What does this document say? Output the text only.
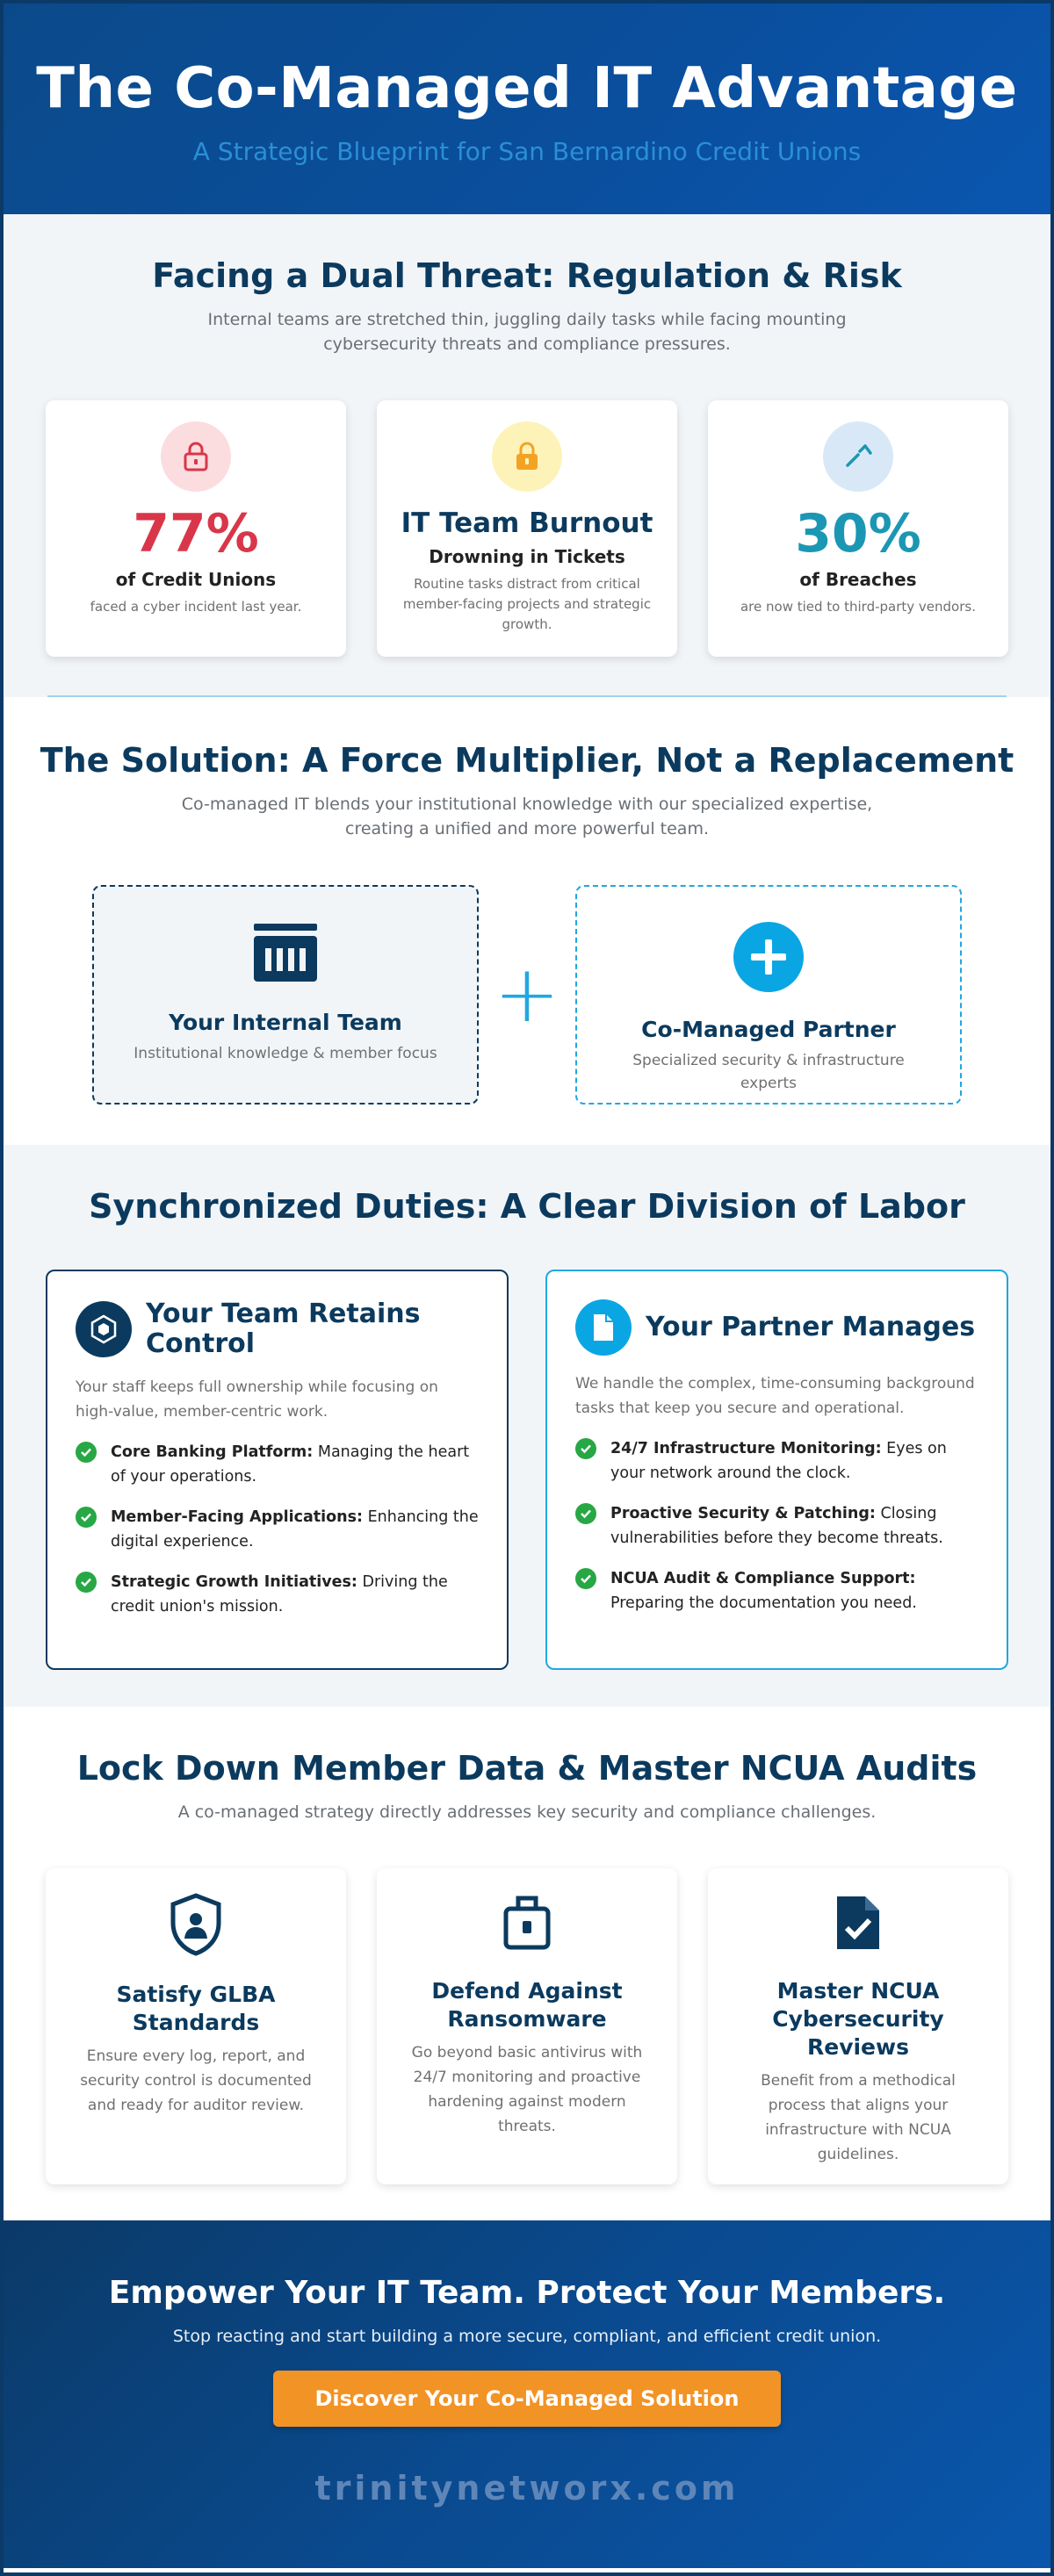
The Co-Managed IT Advantage
A Strategic Blueprint for San Bernardino Credit Unions
Facing a Dual Threat: Regulation & Risk

Internal teams are stretched thin, juggling daily tasks while facing mounting cybersecurity threats and compliance pressures.

77%
of Credit Unions
faced a cyber incident last year.
IT Team Burnout
Drowning in Tickets
Routine tasks distract from critical member-facing projects and strategic growth.
30%
of Breaches
are now tied to third-party vendors.
The Solution: A Force Multiplier, Not a Replacement

Co-managed IT blends your institutional knowledge with our specialized expertise, creating a unified and more powerful team.

Your Internal Team

Institutional knowledge & member focus

+	Co-Managed Partner

Specialized security & infrastructure experts

Synchronized Duties: A Clear Division of Labor
Your Team Retains Control

Your staff keeps full ownership while focusing on high-value, member-centric work.

Core Banking Platform: Managing the heart of your operations.
Member-Facing Applications: Enhancing the digital experience.
Strategic Growth Initiatives: Driving the credit union's mission.
Your Partner Manages

We handle the complex, time-consuming background tasks that keep you secure and operational.

24/7 Infrastructure Monitoring: Eyes on your network around the clock.
Proactive Security & Patching: Closing vulnerabilities before they become threats.
NCUA Audit & Compliance Support: Preparing the documentation you need.
Lock Down Member Data & Master NCUA Audits

A co-managed strategy directly addresses key security and compliance challenges.

Satisfy GLBA Standards

Ensure every log, report, and security control is documented and ready for auditor review.

Defend Against Ransomware

Go beyond basic antivirus with 24/7 monitoring and proactive hardening against modern threats.

Master NCUA Cybersecurity Reviews

Benefit from a methodical process that aligns your infrastructure with NCUA guidelines.

Empower Your IT Team. Protect Your Members.

Stop reacting and start building a more secure, compliant, and efficient credit union.

Discover Your Co-Managed Solution
trinitynetworx.com
